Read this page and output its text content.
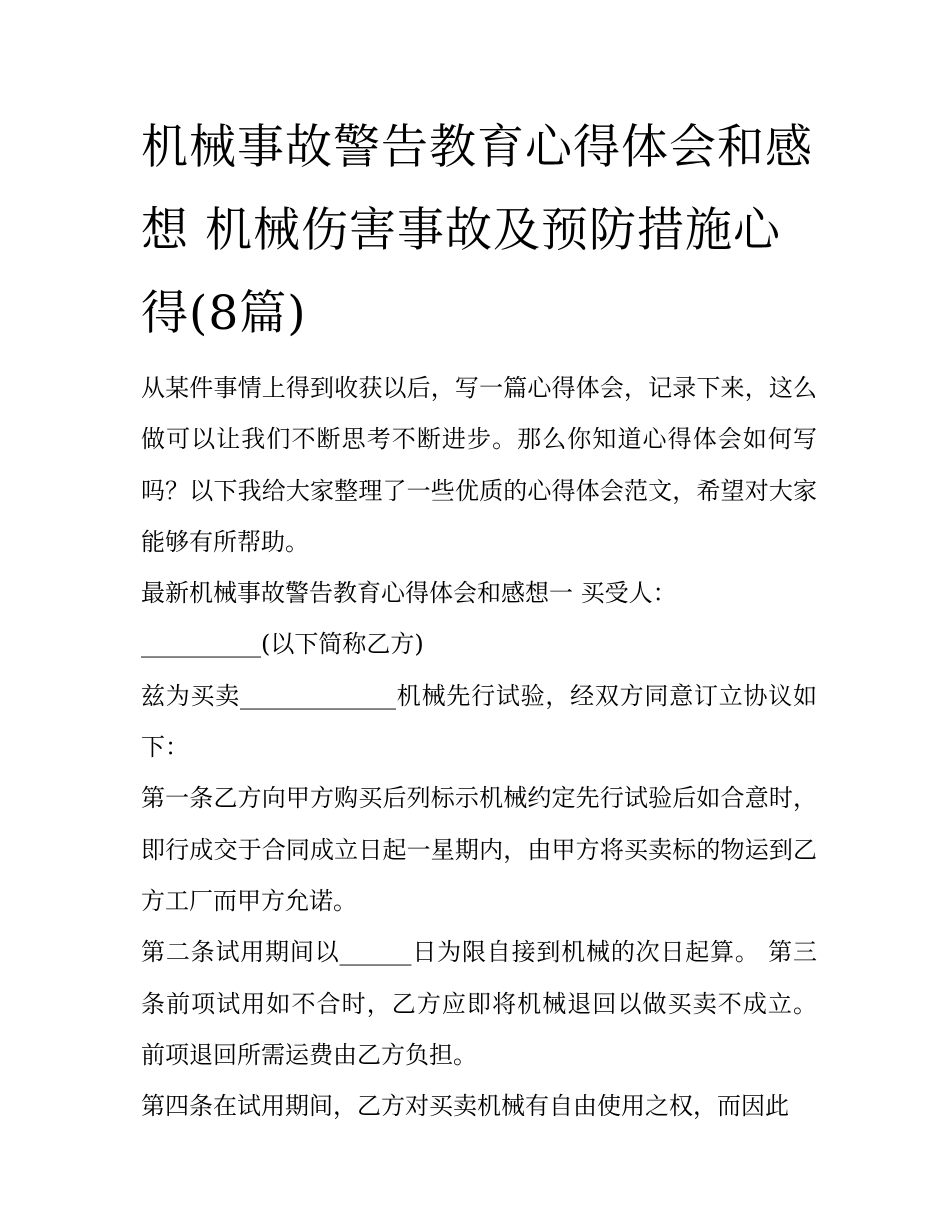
机械事故警告教育心得体会和感想 机械伤害事故及预防措施心得(8篇)

从某件事情上得到收获以后，写一篇心得体会，记录下来，这么做可以让我们不断思考不断进步。那么你知道心得体会如何写吗？以下我给大家整理了一些优质的心得体会范文，希望对大家能够有所帮助。

最新机械事故警告教育心得体会和感想一 买受人：

__________(以下简称乙方)

兹为买卖_____________机械先行试验，经双方同意订立协议如下：

第一条乙方向甲方购买后列标示机械约定先行试验后如合意时，即行成交于合同成立日起一星期内，由甲方将买卖标的物运到乙方工厂而甲方允诺。

第二条试用期间以______日为限自接到机械的次日起算。 第三条前项试用如不合时，乙方应即将机械退回以做买卖不成立。 前项退回所需运费由乙方负担。

第四条在试用期间，乙方对买卖机械有自由使用之权，而因此
